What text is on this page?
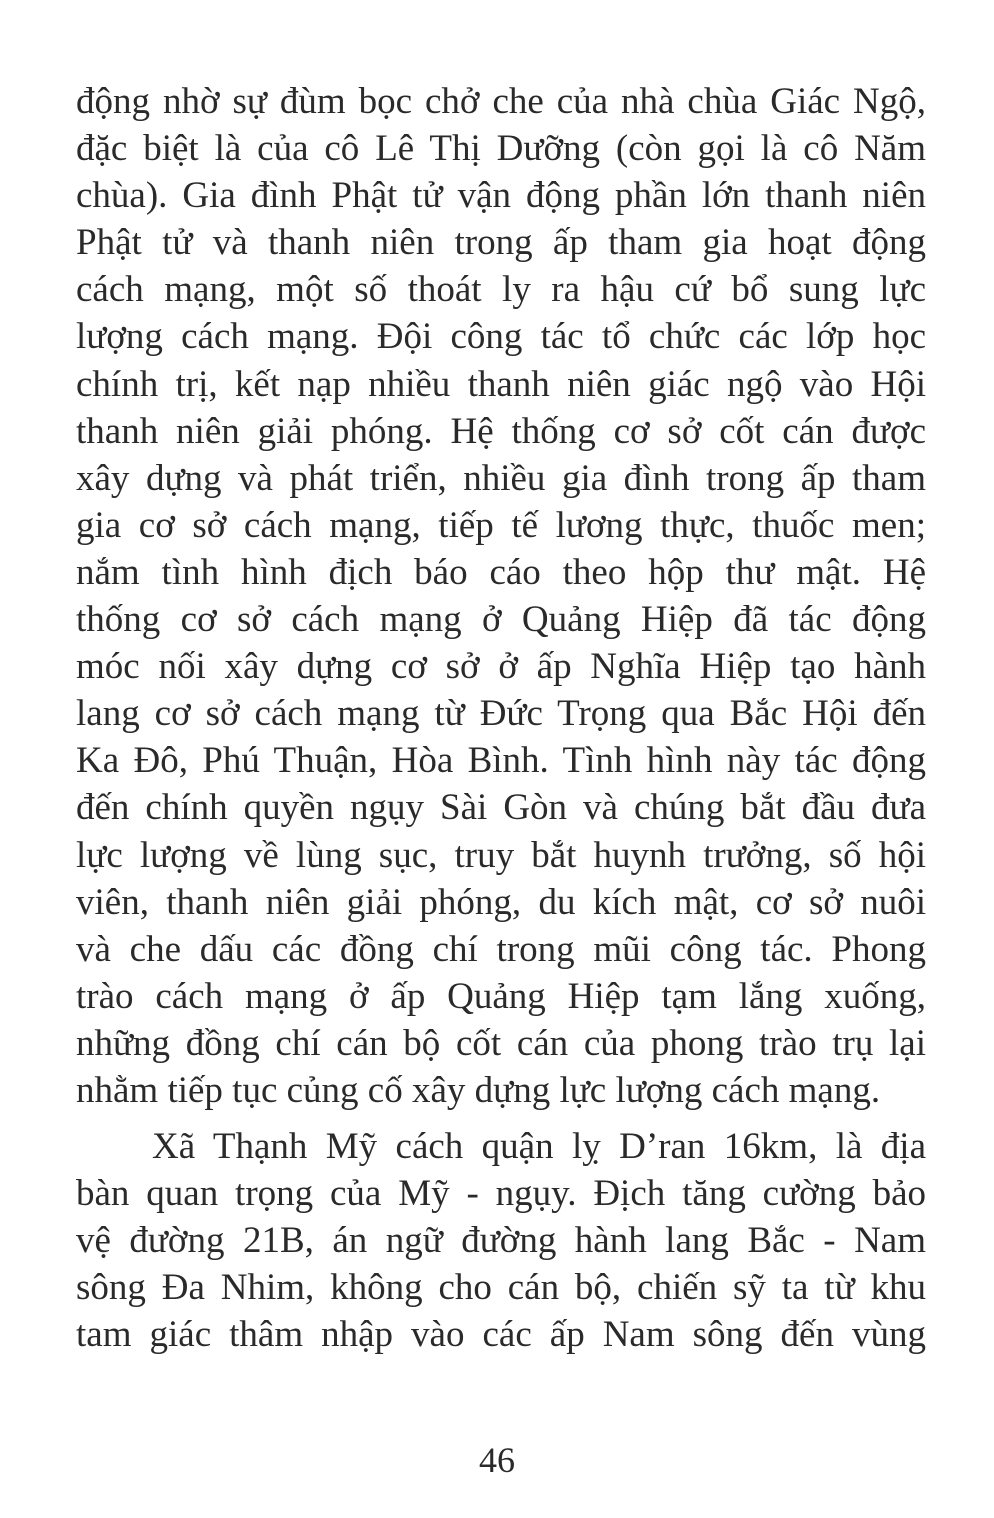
động nhờ sự đùm bọc chở che của nhà chùa Giác Ngộ,
đặc biệt là của cô Lê Thị Dưỡng (còn gọi là cô Năm
chùa). Gia đình Phật tử vận động phần lớn thanh niên
Phật tử và thanh niên trong ấp tham gia hoạt động
cách mạng, một số thoát ly ra hậu cứ bổ sung lực
lượng cách mạng. Đội công tác tổ chức các lớp học
chính trị, kết nạp nhiều thanh niên giác ngộ vào Hội
thanh niên giải phóng. Hệ thống cơ sở cốt cán được
xây dựng và phát triển, nhiều gia đình trong ấp tham
gia cơ sở cách mạng, tiếp tế lương thực, thuốc men;
nắm tình hình địch báo cáo theo hộp thư mật. Hệ
thống cơ sở cách mạng ở Quảng Hiệp đã tác động
móc nối xây dựng cơ sở ở ấp Nghĩa Hiệp tạo hành
lang cơ sở cách mạng từ Đức Trọng qua Bắc Hội đến
Ka Đô, Phú Thuận, Hòa Bình. Tình hình này tác động
đến chính quyền ngụy Sài Gòn và chúng bắt đầu đưa
lực lượng về lùng sục, truy bắt huynh trưởng, số hội
viên, thanh niên giải phóng, du kích mật, cơ sở nuôi
và che dấu các đồng chí trong mũi công tác. Phong
trào cách mạng ở ấp Quảng Hiệp tạm lắng xuống,
những đồng chí cán bộ cốt cán của phong trào trụ lại
nhằm tiếp tục củng cố xây dựng lực lượng cách mạng.
Xã Thạnh Mỹ cách quận lỵ D’ran 16km, là địa
bàn quan trọng của Mỹ - ngụy. Địch tăng cường bảo
vệ đường 21B, án ngữ đường hành lang Bắc - Nam
sông Đa Nhim, không cho cán bộ, chiến sỹ ta từ khu
tam giác thâm nhập vào các ấp Nam sông đến vùng
46
